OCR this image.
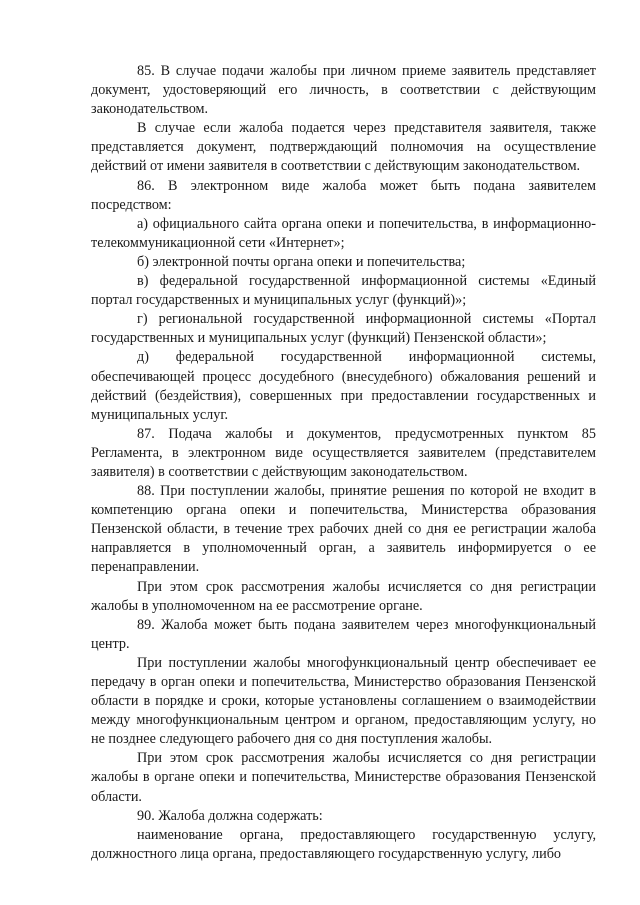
85. В случае подачи жалобы при личном приеме заявитель представляет документ, удостоверяющий его личность, в соответствии с действующим законодательством.

В случае если жалоба подается через представителя заявителя, также представляется документ, подтверждающий полномочия на осуществление действий от имени заявителя в соответствии с действующим законодательством.

86. В электронном виде жалоба может быть подана заявителем посредством:

а) официального сайта органа опеки и попечительства, в информационно-телекоммуникационной сети «Интернет»;

б) электронной почты органа опеки и попечительства;

в) федеральной государственной информационной системы «Единый портал государственных и муниципальных услуг (функций)»;

г) региональной государственной информационной системы «Портал государственных и муниципальных услуг (функций) Пензенской области»;

д) федеральной государственной информационной системы, обеспечивающей процесс досудебного (внесудебного) обжалования решений и действий (бездействия), совершенных при предоставлении государственных и муниципальных услуг.

87. Подача жалобы и документов, предусмотренных пунктом 85 Регламента, в электронном виде осуществляется заявителем (представителем заявителя) в соответствии с действующим законодательством.

88. При поступлении жалобы, принятие решения по которой не входит в компетенцию органа опеки и попечительства, Министерства образования Пензенской области, в течение трех рабочих дней со дня ее регистрации жалоба направляется в уполномоченный орган, а заявитель информируется о ее перенаправлении.

При этом срок рассмотрения жалобы исчисляется со дня регистрации жалобы в уполномоченном на ее рассмотрение органе.

89. Жалоба может быть подана заявителем через многофункциональный центр.

При поступлении жалобы многофункциональный центр обеспечивает ее передачу в орган опеки и попечительства, Министерство образования Пензенской области в порядке и сроки, которые установлены соглашением о взаимодействии между многофункциональным центром и органом, предоставляющим услугу, но не позднее следующего рабочего дня со дня поступления жалобы.

При этом срок рассмотрения жалобы исчисляется со дня регистрации жалобы в органе опеки и попечительства, Министерстве образования Пензенской области.

90. Жалоба должна содержать:

наименование органа, предоставляющего государственную услугу, должностного лица органа, предоставляющего государственную услугу, либо
